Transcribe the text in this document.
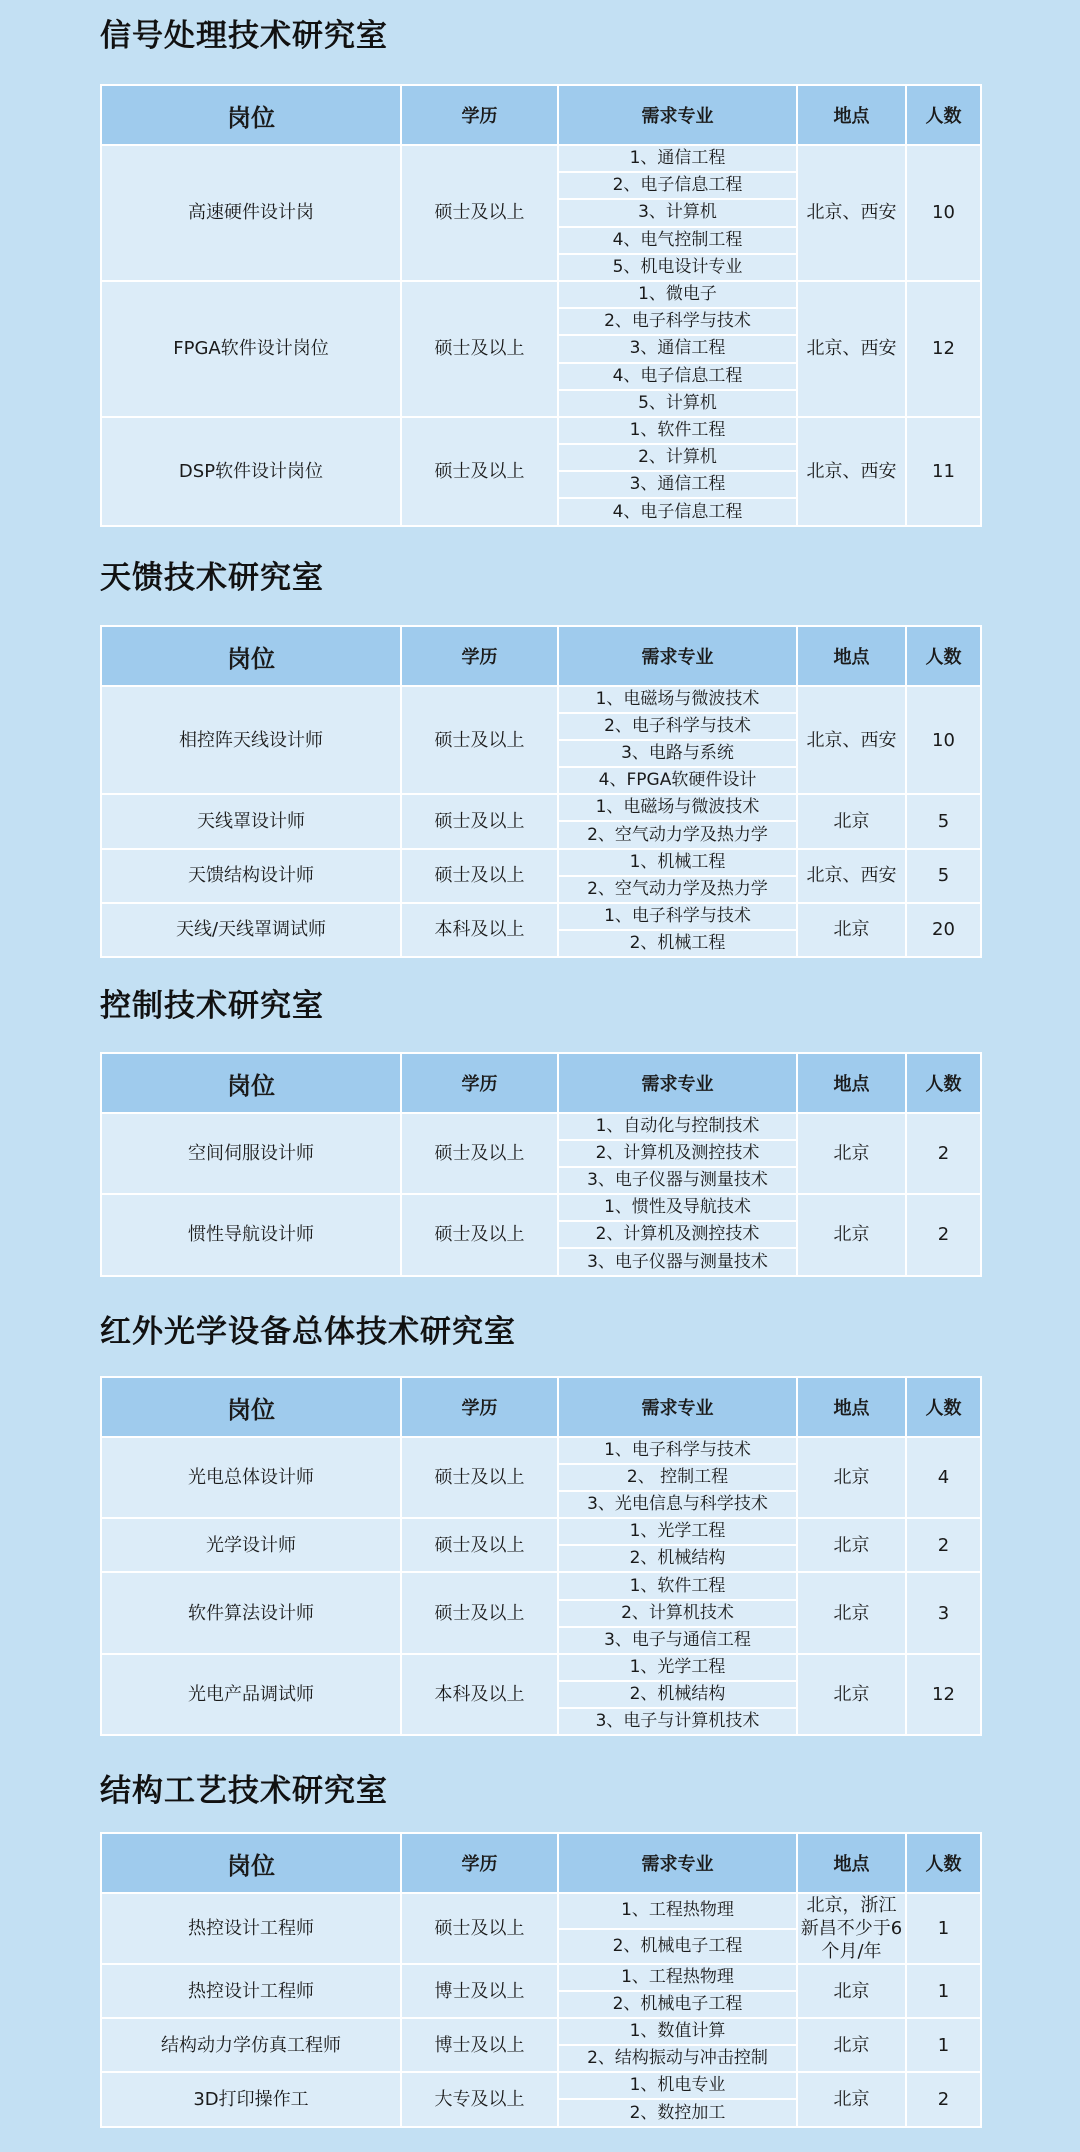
信号处理技术研究室
岗位	学历	需求专业	地点	人数
高速硬件设计岗	硕士及以上	1、通信工程	北京、西安	10
		2、电子信息工程		
		3、计算机		
		4、电气控制工程		
		5、机电设计专业		
FPGA软件设计岗位	硕士及以上	1、微电子	北京、西安	12
		2、电子科学与技术		
		3、通信工程		
		4、电子信息工程		
		5、计算机		
DSP软件设计岗位	硕士及以上	1、软件工程	北京、西安	11
		2、计算机		
		3、通信工程		
		4、电子信息工程		
天馈技术研究室
岗位	学历	需求专业	地点	人数
相控阵天线设计师	硕士及以上	1、电磁场与微波技术	北京、西安	10
		2、电子科学与技术		
		3、电路与系统		
		4、FPGA软硬件设计		
天线罩设计师	硕士及以上	1、电磁场与微波技术	北京	5
		2、空气动力学及热力学		
天馈结构设计师	硕士及以上	1、机械工程	北京、西安	5
		2、空气动力学及热力学		
天线/天线罩调试师	本科及以上	1、电子科学与技术	北京	20
		2、机械工程		
控制技术研究室
岗位	学历	需求专业	地点	人数
空间伺服设计师	硕士及以上	1、自动化与控制技术	北京	2
		2、计算机及测控技术		
		3、电子仪器与测量技术		
惯性导航设计师	硕士及以上	1、惯性及导航技术	北京	2
		2、计算机及测控技术		
		3、电子仪器与测量技术		
红外光学设备总体技术研究室
岗位	学历	需求专业	地点	人数
光电总体设计师	硕士及以上	1、电子科学与技术	北京	4
		2、 控制工程		
		3、光电信息与科学技术		
光学设计师	硕士及以上	1、光学工程	北京	2
		2、机械结构		
软件算法设计师	硕士及以上	1、软件工程	北京	3
		2、计算机技术		
		3、电子与通信工程		
光电产品调试师	本科及以上	1、光学工程	北京	12
		2、机械结构		
		3、电子与计算机技术		
结构工艺技术研究室
岗位	学历	需求专业	地点	人数
热控设计工程师	硕士及以上	1、工程热物理	北京，浙江新昌不少于6个月/年	1
		2、机械电子工程		
热控设计工程师	博士及以上	1、工程热物理	北京	1
		2、机械电子工程		
结构动力学仿真工程师	博士及以上	1、数值计算	北京	1
		2、结构振动与冲击控制		
3D打印操作工	大专及以上	1、机电专业	北京	2
		2、数控加工		
